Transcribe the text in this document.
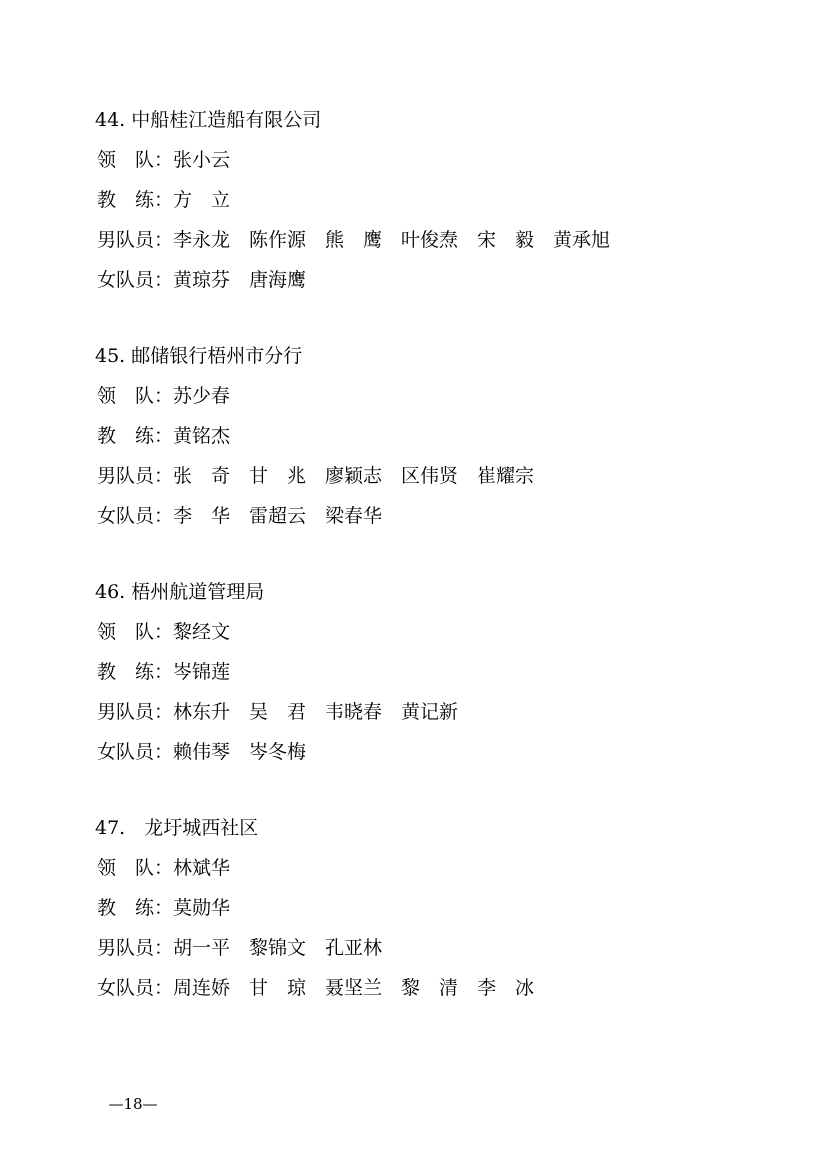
44. 中船桂江造船有限公司
领　队：张小云
教　练：方　立
男队员：李永龙　陈作源　熊　鹰　叶俊焘　宋　毅　黄承旭
女队员：黄琼芬　唐海鹰
45. 邮储银行梧州市分行
领　队：苏少春
教　练：黄铭杰
男队员：张　奇　甘　兆　廖颖志　区伟贤　崔耀宗
女队员：李　华　雷超云　梁春华
46. 梧州航道管理局
领　队：黎经文
教　练：岑锦莲
男队员：林东升　吴　君　韦晓春　黄记新
女队员：赖伟琴　岑冬梅
47.　 龙圩城西社区
领　队：林斌华
教　练：莫勋华
男队员：胡一平　黎锦文　孔亚林
女队员：周连娇　甘　琼　聂坚兰　黎　清　李　冰
—18—
